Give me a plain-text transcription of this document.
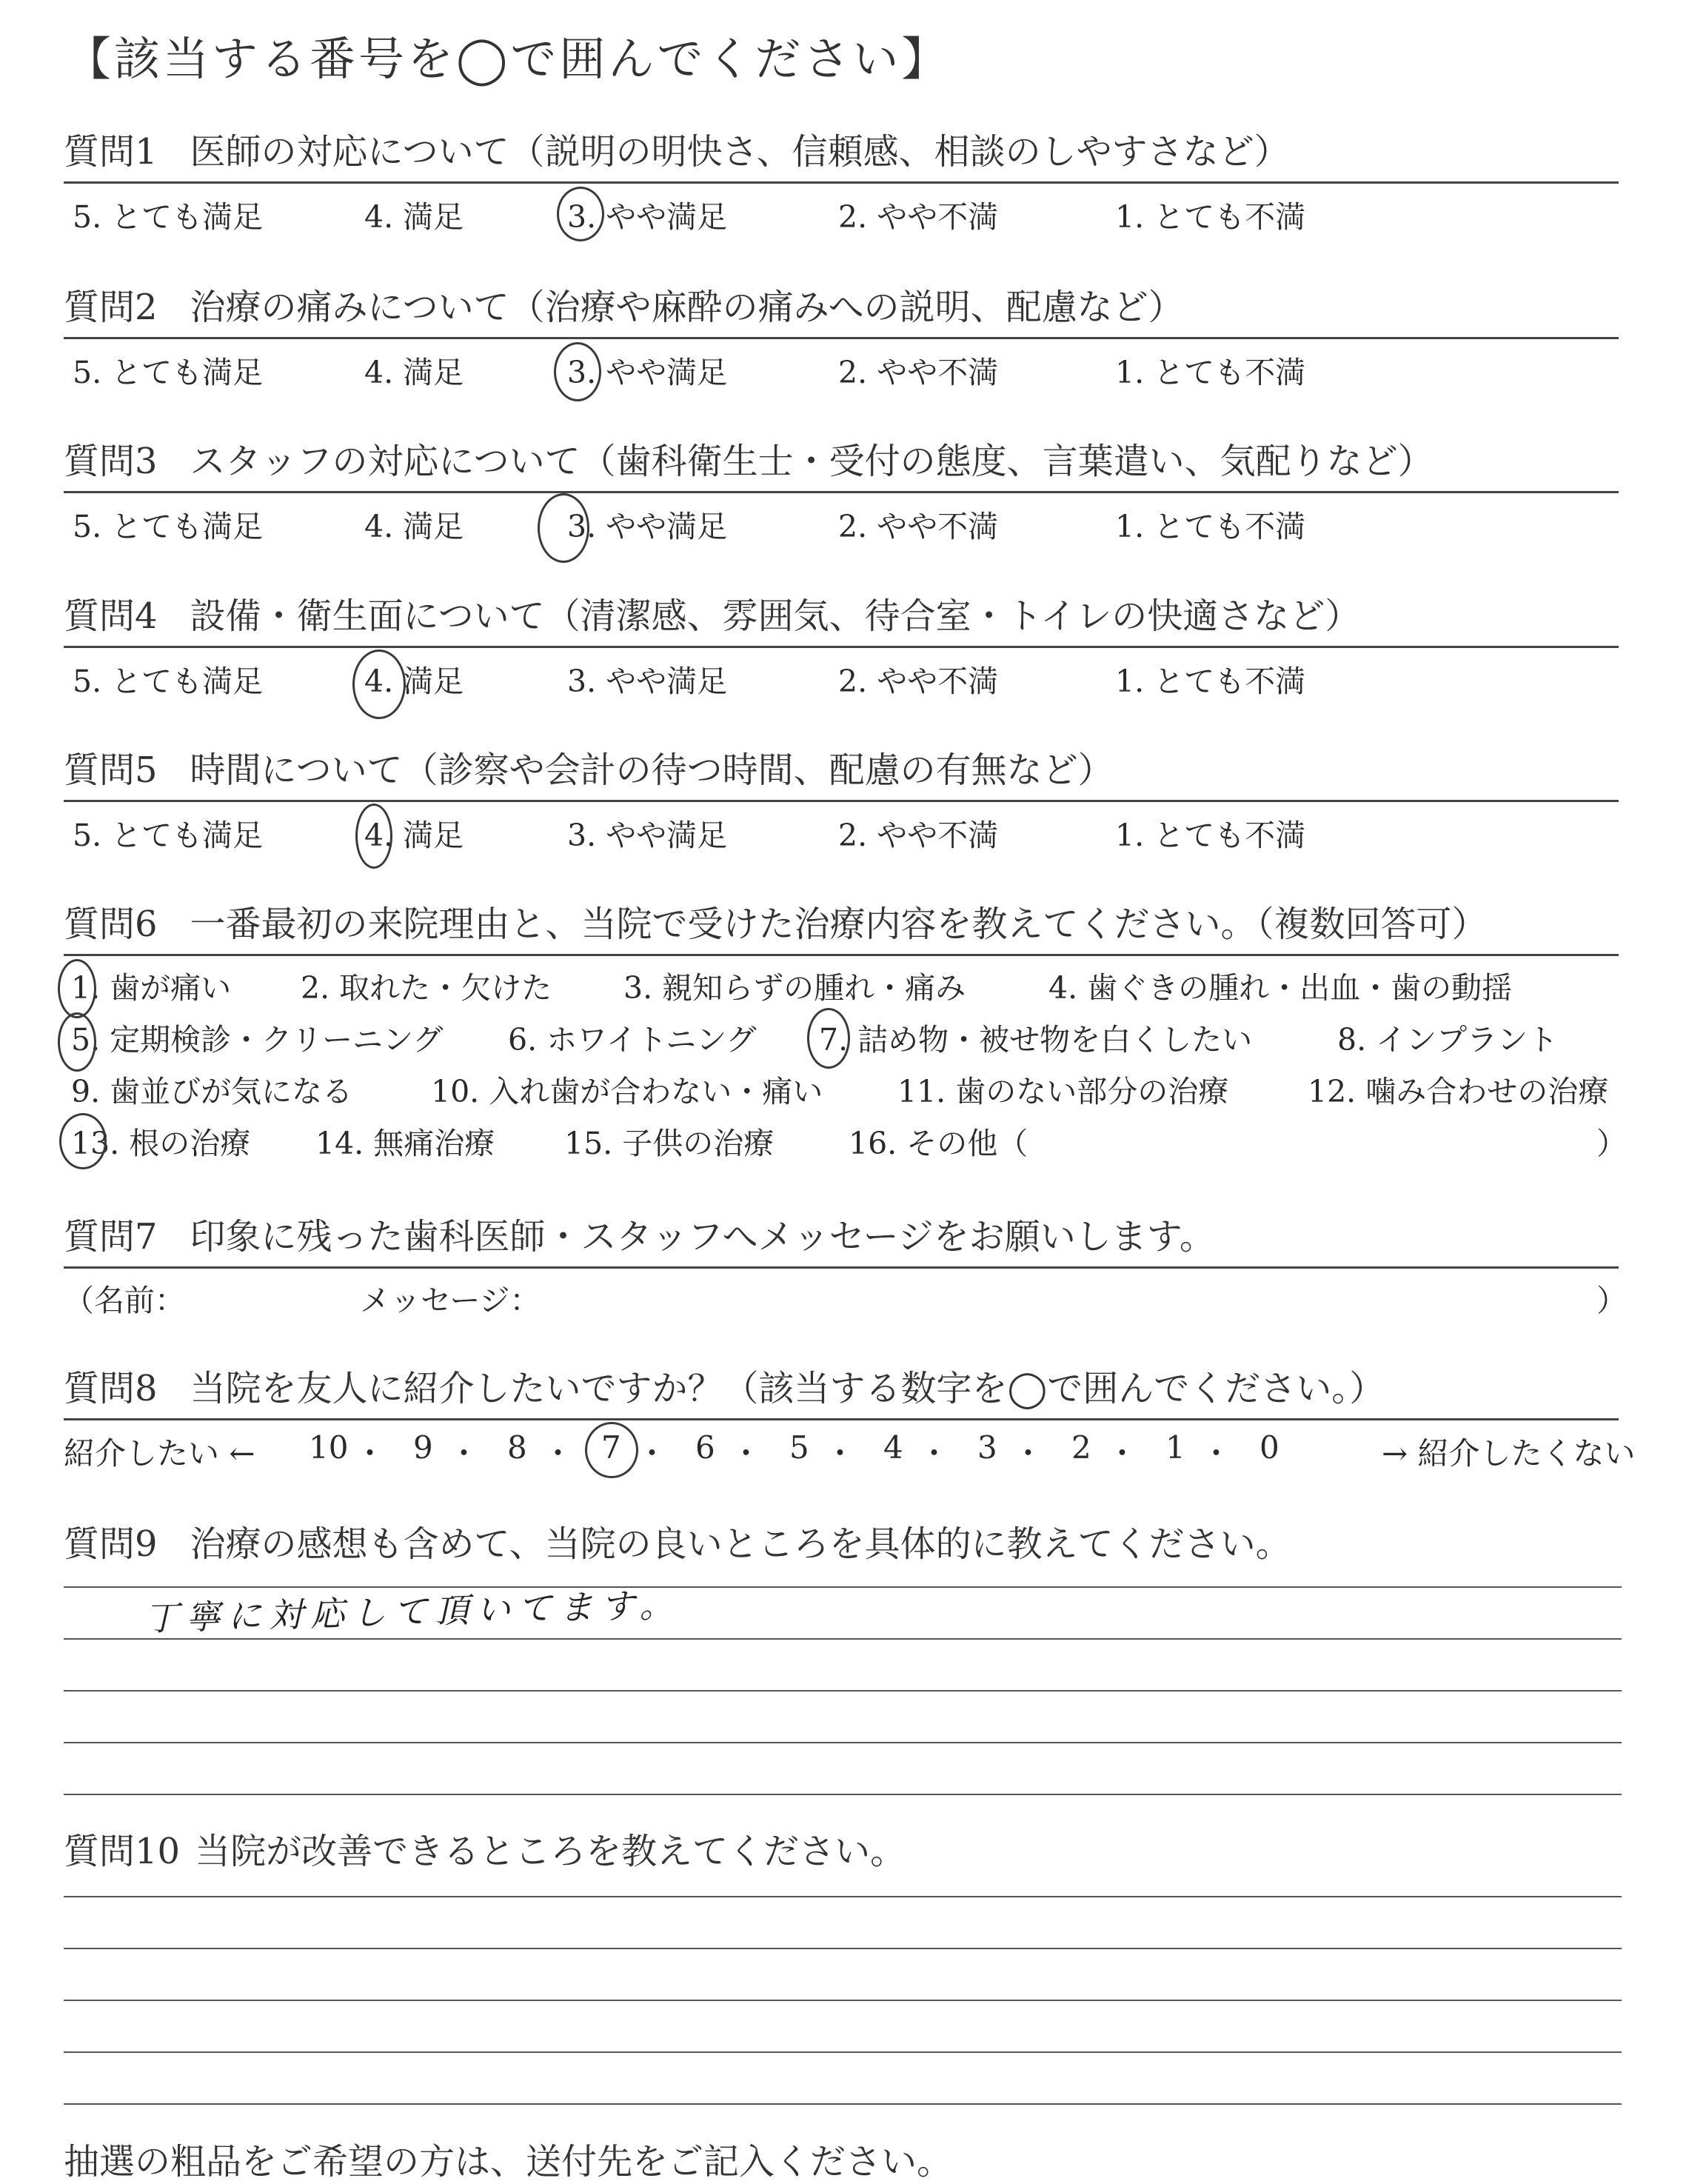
【該当する番号を◯で囲んでください】
質問1 医師の対応について（説明の明快さ、信頼感、相談のしやすさなど）
5. とても満足	4. 満足	3. やや満足	2. やや不満	1. とても不満
質問2 治療の痛みについて（治療や麻酔の痛みへの説明、配慮など）
5. とても満足	4. 満足	3. やや満足	2. やや不満	1. とても不満
質問3 スタッフの対応について（歯科衛生士・受付の態度、言葉遣い、気配りなど）
5. とても満足	4. 満足	3. やや満足	2. やや不満	1. とても不満
質問4 設備・衛生面について（清潔感、雰囲気、待合室・トイレの快適さなど）
5. とても満足	4. 満足	3. やや満足	2. やや不満	1. とても不満
質問5 時間について（診察や会計の待つ時間、配慮の有無など）
5. とても満足	4. 満足	3. やや満足	2. やや不満	1. とても不満
質問6 一番最初の来院理由と、当院で受けた治療内容を教えてください。（複数回答可）
1. 歯が痛い 2. 取れた・欠けた 3. 親知らずの腫れ・痛み	4. 歯ぐきの腫れ・出血・歯の動揺
5. 定期検診・クリーニング 6. ホワイトニング 7. 詰め物・被せ物を白くしたい	8. インプラント
9. 歯並びが気になる	10. 入れ歯が合わない・痛い 11. 歯のない部分の治療	12. 噛み合わせの治療
13. 根の治療 14. 無痛治療 15. 子供の治療 16. その他（	）
質問7 印象に残った歯科医師・スタッフへメッセージをお願いします。
（名前：
	メッセージ：	）
質問8 当院を友人に紹介したいですか？（該当する数字を◯で囲んでください。）
紹介したい ←	→ 紹介したくない
10 ・ 9 ・ 8 ・ 7 ・ 6 ・ 5 ・ 4 ・ 3 ・ 2 ・ 1 ・ 0
質問9 治療の感想も含めて、当院の良いところを具体的に教えてください。
丁寧に対応して頂いてます。
質問10 当院が改善できるところを教えてください。
抽選の粗品をご希望の方は、送付先をご記入ください。
